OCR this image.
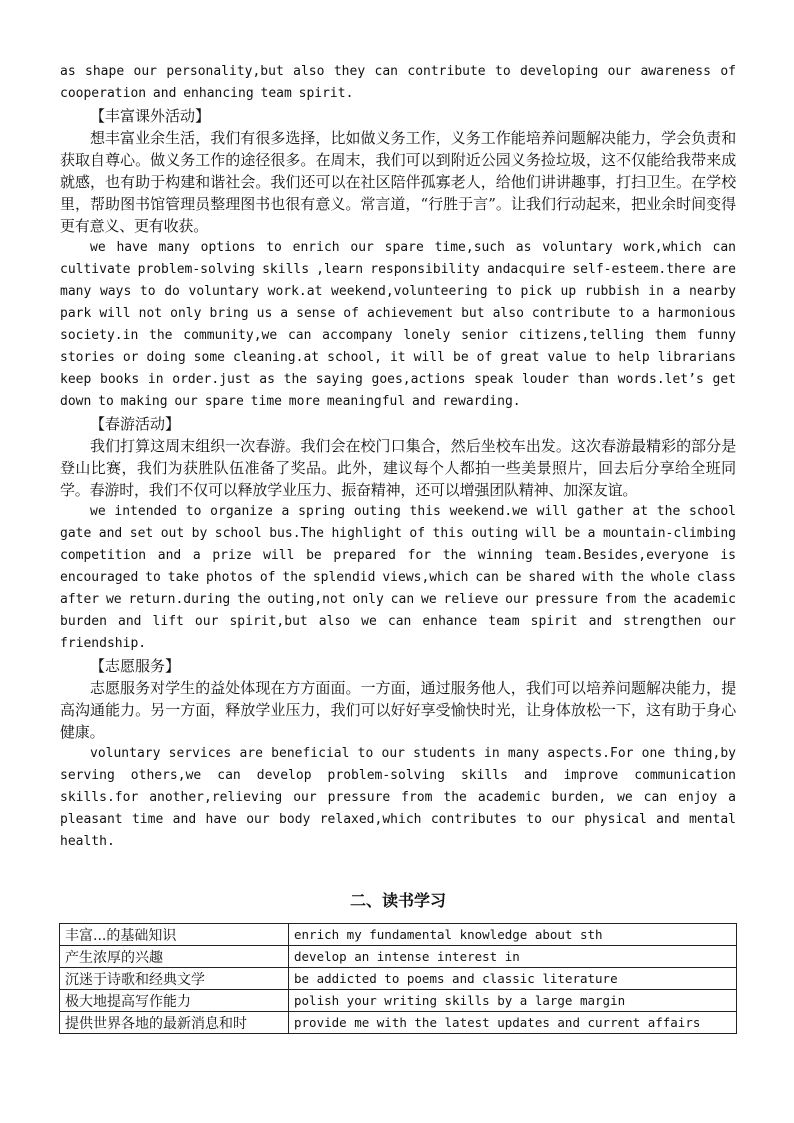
as shape our personality,but also they can contribute to developing our awareness of cooperation and enhancing team spirit.

【丰富课外活动】

想丰富业余生活，我们有很多选择，比如做义务工作，义务工作能培养问题解决能力，学会负责和获取自尊心。做义务工作的途径很多。在周末，我们可以到附近公园义务捡垃圾，这不仅能给我带来成就感，也有助于构建和谐社会。我们还可以在社区陪伴孤寡老人，给他们讲讲趣事，打扫卫生。在学校里，帮助图书馆管理员整理图书也很有意义。常言道，“行胜于言”。让我们行动起来，把业余时间变得更有意义、更有收获。

we have many options to enrich our spare time,such as voluntary work,which can cultivate problem-solving skills ,learn responsibility andacquire self-esteem.there are many ways to do voluntary work.at weekend,volunteering to pick up rubbish in a nearby park will not only bring us a sense of achievement but also contribute to a harmonious society.in the community,we can accompany lonely senior citizens,telling them funny stories or doing some cleaning.at school, it will be of great value to help librarians keep books in order.just as the saying goes,actions speak louder than words.let’s get down to making our spare time more meaningful and rewarding.

【春游活动】

我们打算这周末组织一次春游。我们会在校门口集合，然后坐校车出发。这次春游最精彩的部分是登山比赛，我们为获胜队伍准备了奖品。此外，建议每个人都拍一些美景照片，回去后分享给全班同学。春游时，我们不仅可以释放学业压力、振奋精神，还可以增强团队精神、加深友谊。

we intended to organize a spring outing this weekend.we will gather at the school gate and set out by school bus.The highlight of this outing will be a mountain-climbing competition and a prize will be prepared for the winning team.Besides,everyone is encouraged to take photos of the splendid views,which can be shared with the whole class after we return.during the outing,not only can we relieve our pressure from the academic burden and lift our spirit,but also we can enhance team spirit and strengthen our friendship.

【志愿服务】

志愿服务对学生的益处体现在方方面面。一方面，通过服务他人，我们可以培养问题解决能力，提高沟通能力。另一方面，释放学业压力，我们可以好好享受愉快时光，让身体放松一下，这有助于身心健康。

voluntary services are beneficial to our students in many aspects.For one thing,by serving others,we can develop problem-solving skills and improve communication skills.for another,relieving our pressure from the academic burden, we can enjoy a pleasant time and have our body relaxed,which contributes to our physical and mental health.

二、读书学习
丰富...的基础知识	enrich my fundamental knowledge about sth
产生浓厚的兴趣	develop an intense interest in
沉迷于诗歌和经典文学	be addicted to poems and classic literature
极大地提高写作能力	polish your writing skills by a large margin
提供世界各地的最新消息和时	provide me with the latest updates and current affairs
